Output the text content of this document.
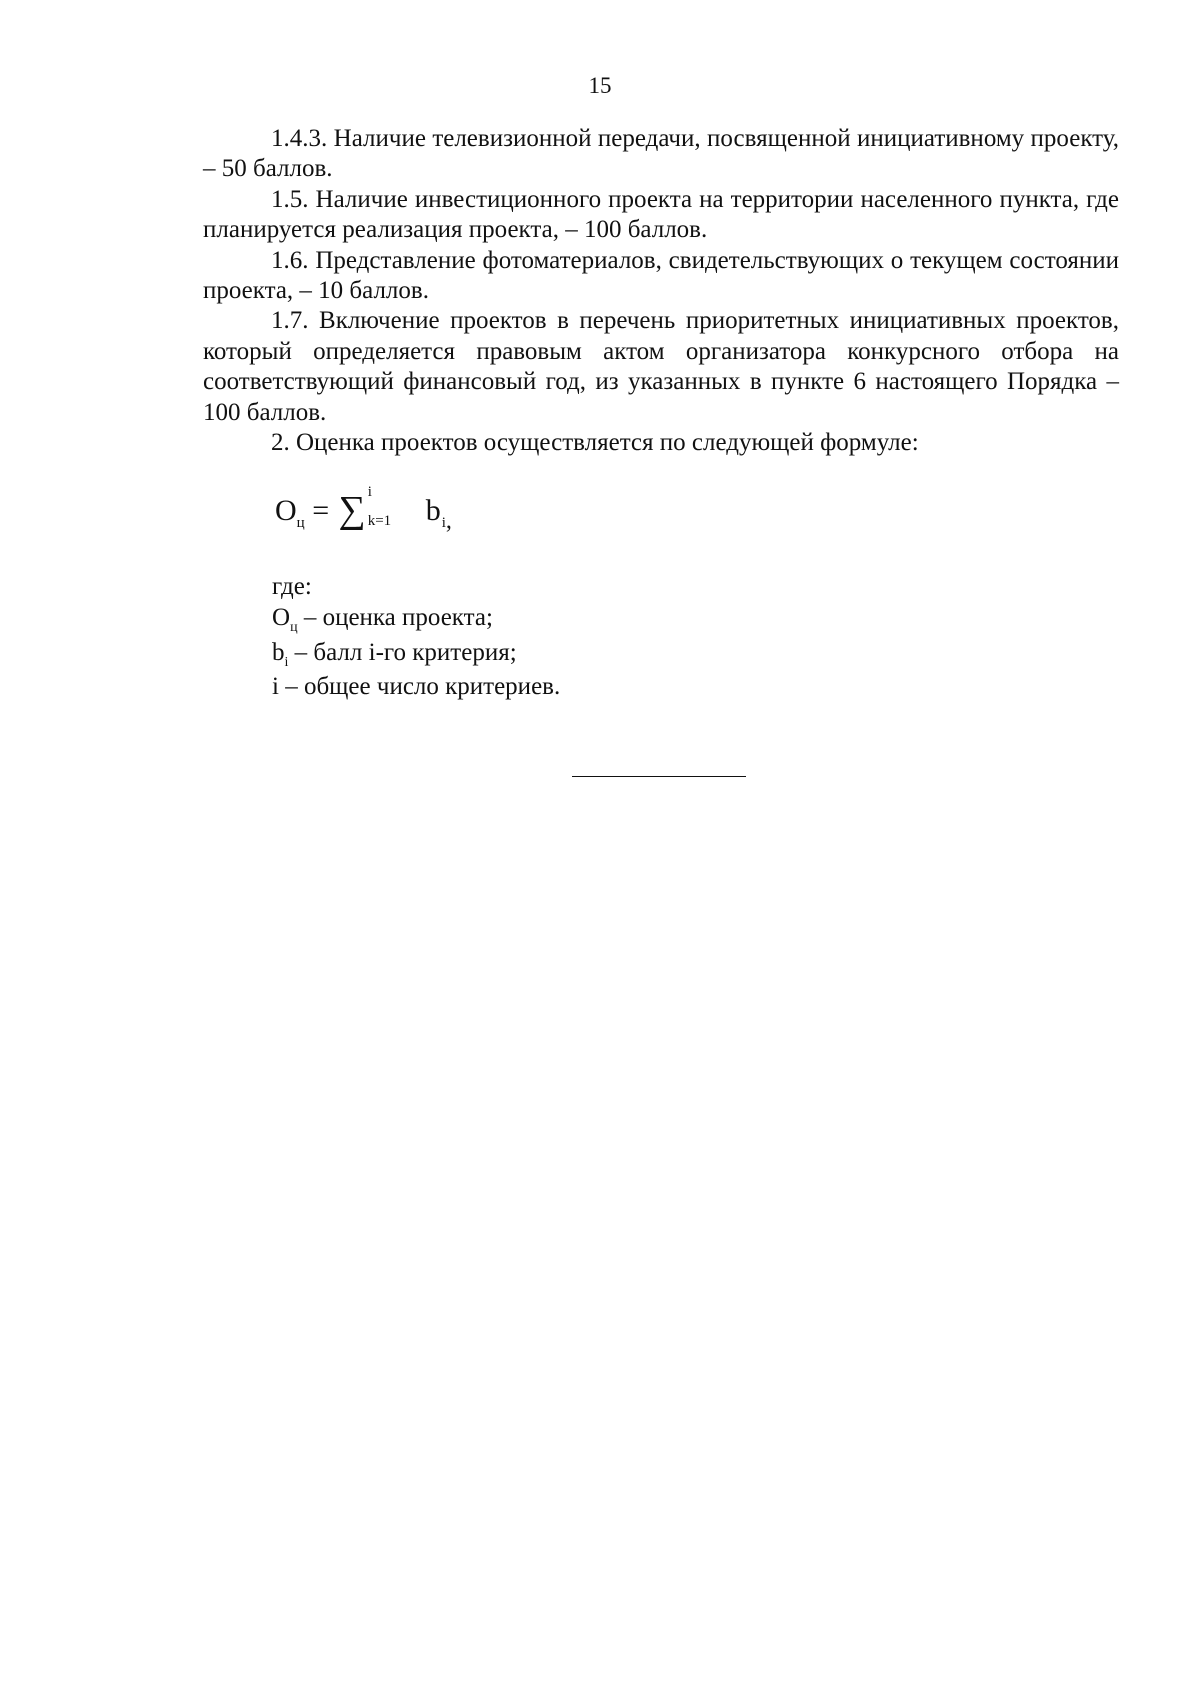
15

1.4.3. Наличие телевизионной передачи, посвященной инициативному проекту, – 50 баллов.

1.5. Наличие инвестиционного проекта на территории населенного пункта, где планируется реализация проекта, – 100 баллов.

1.6. Представление фотоматериалов, свидетельствующих о текущем состоянии проекта, – 10 баллов.

1.7. Включение проектов в перечень приоритетных инициативных проектов, который определяется правовым актом организатора конкурсного отбора на соответствующий финансовый год, из указанных в пункте 6 настоящего Порядка – 100 баллов.

2. Оценка проектов осуществляется по следующей формуле:

$О_ц$ = ∑ i
k=1 $b_{i,}$

где:

$О_ц$ – оценка проекта;

$b_i$ – балл i-го критерия;

i – общее число критериев.
